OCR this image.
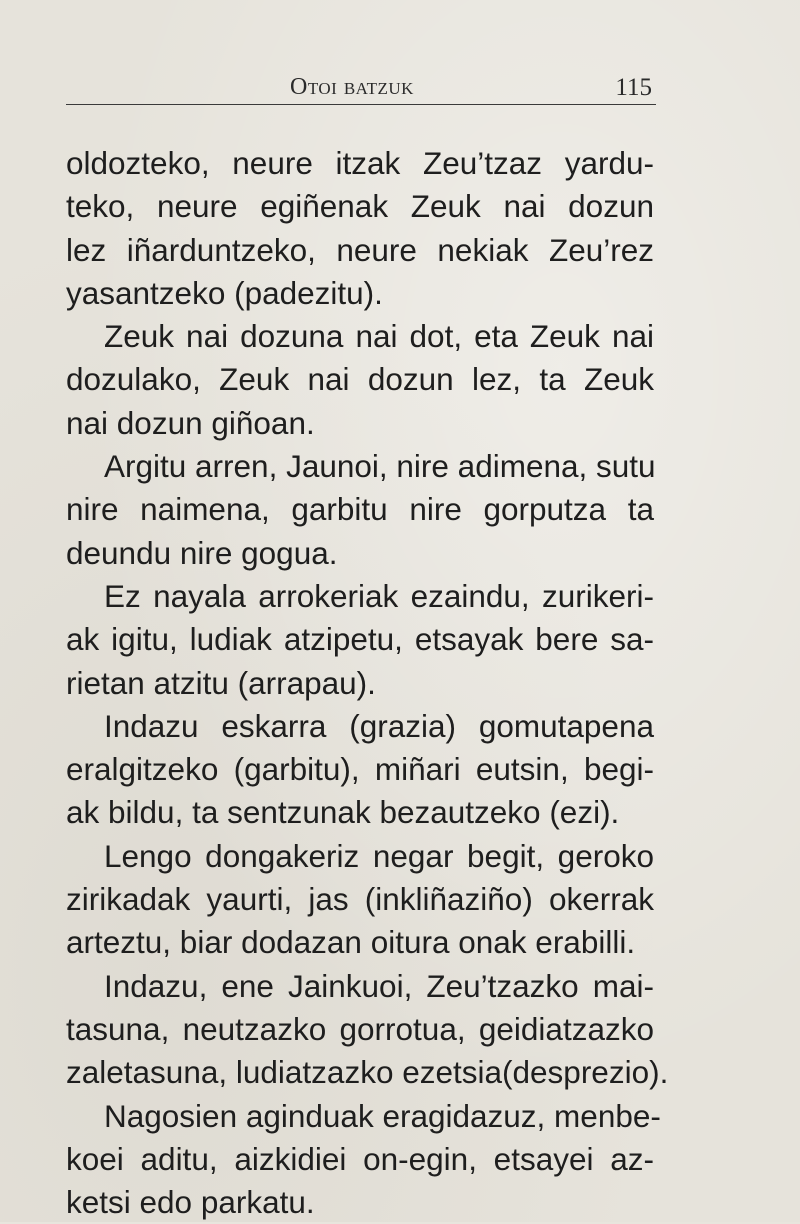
Otoi batzuk	115
oldozteko, neure itzak Zeu’tzaz yardu-
teko, neure egiñenak Zeuk nai dozun
lez iñarduntzeko, neure nekiak Zeu’rez
yasantzeko (padezitu).
Zeuk nai dozuna nai dot, eta Zeuk nai
dozulako, Zeuk nai dozun lez, ta Zeuk
nai dozun giñoan.
Argitu arren, Jaunoi, nire adimena, sutu
nire naimena, garbitu nire gorputza ta
deundu nire gogua.
Ez nayala arrokeriak ezaindu, zurikeri-
ak igitu, ludiak atzipetu, etsayak bere sa-
rietan atzitu (arrapau).
Indazu eskarra (grazia) gomutapena
eralgitzeko (garbitu), miñari eutsin, begi-
ak bildu, ta sentzunak bezautzeko (ezi).
Lengo dongakeriz negar begit, geroko
zirikadak yaurti, jas (inkliñaziño) okerrak
arteztu, biar dodazan oitura onak erabilli.
Indazu, ene Jainkuoi, Zeu’tzazko mai-
tasuna, neutzazko gorrotua, geidiatzazko
zaletasuna, ludiatzazko ezetsia(desprezio).
Nagosien aginduak eragidazuz, menbe-
koei aditu, aizkidiei on-egin, etsayei az-
ketsi edo parkatu.
